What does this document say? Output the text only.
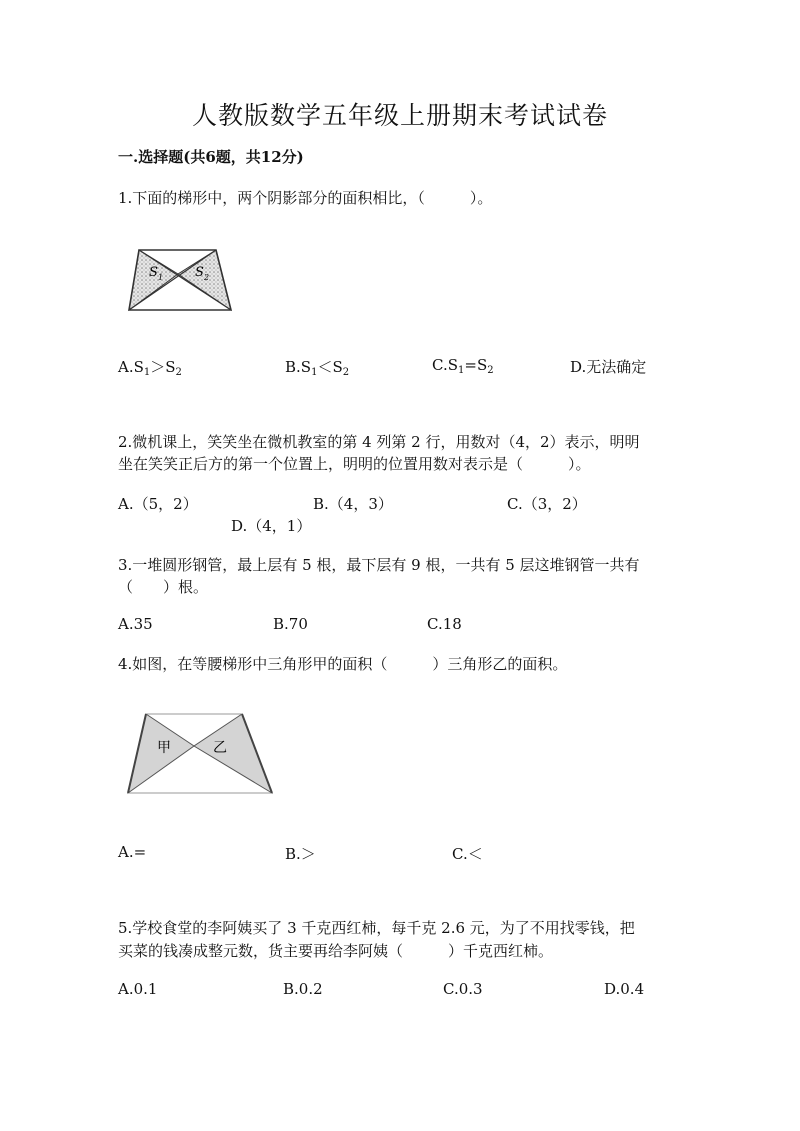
人教版数学五年级上册期末考试试卷
一.选择题(共6题，共12分)
1.下面的梯形中，两个阴影部分的面积相比，（　　　）。
S 1 S 2
$A.S_1>S_2$	$B.S_1<S_2$	$C.S_1=S_2$	D.无法确定
2.微机课上，笑笑坐在微机教室的第 4 列第 2 行，用数对（4，2）表示，明明
坐在笑笑正后方的第一个位置上，明明的位置用数对表示是（　　　）。
A.（5，2）	B.（4，3）	C.（3，2）
D.（4，1）
3.一堆圆形钢管，最上层有 5 根，最下层有 9 根，一共有 5 层这堆钢管一共有
（　　）根。
A.35	B.70	C.18
4.如图，在等腰梯形中三角形甲的面积（　　　）三角形乙的面积。
甲	乙
A.=	B.＞	C.＜
5.学校食堂的李阿姨买了 3 千克西红柿，每千克 2.6 元，为了不用找零钱，把
买菜的钱凑成整元数，货主要再给李阿姨（　　　）千克西红柿。
A.0.1	B.0.2	C.0.3	D.0.4
